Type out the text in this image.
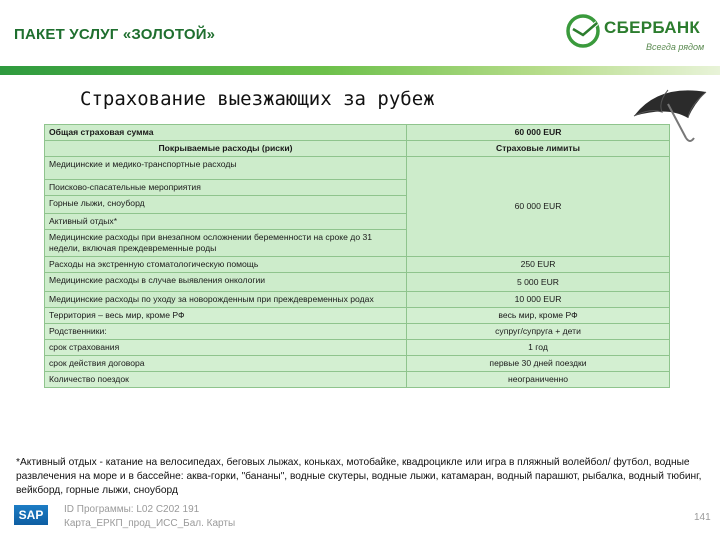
ПАКЕТ УСЛУГ «ЗОЛОТОЙ»	СБЕРБАНК
Всегда рядом
Страхование выезжающих за рубеж
Общая страховая сумма	60 000 EUR
Покрываемые расходы (риски)	Страховые лимиты
Медицинские и медико-транспортные расходы	60 000 EUR
Поисково-спасательные мероприятия	
Горные лыжи, сноуборд	
Активный отдых*	
Медицинские расходы при внезапном осложнении беременности на сроке до 31 недели, включая преждевременные роды	
Расходы на экстренную стоматологическую помощь	250 EUR
Медицинские расходы в случае выявления онкологии	5 000 EUR
Медицинские расходы по уходу за новорожденным при преждевременных родах	10 000 EUR
Территория – весь мир, кроме РФ	весь мир, кроме РФ
Родственники:	супруг/супруга + дети
срок страхования	1 год
срок действия договора	первые 30 дней поездки
Количество поездок	неограниченно
*Активный отдых - катание на велосипедах, беговых лыжах, коньках, мотобайке, квадроцикле или игра в пляжный волейбол/ футбол, водные развлечения на море и в бассейне: аква-горки, "бананы", водные скутеры, водные лыжи, катамаран, водный парашют, рыбалка, водный тюбинг, вейкборд, горные лыжи, сноуборд
SAP	ID Программы: L02 C202 191
Карта_ЕРКП_прод_ИСС_Бал. Карты
141
